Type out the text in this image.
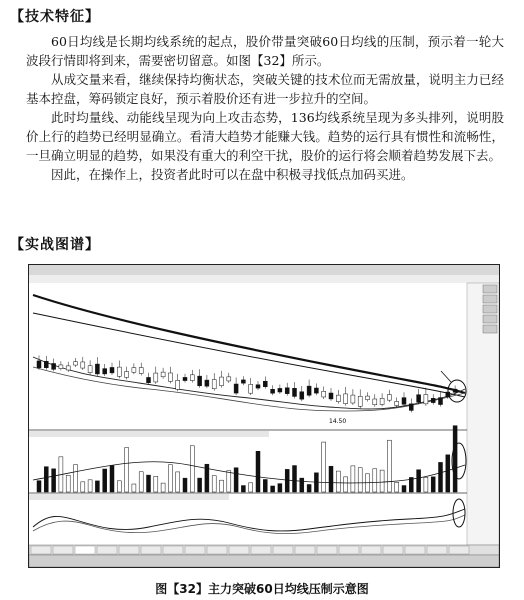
【技术特征】

60日均线是长期均线系统的起点，股价带量突破60日均线的压制，预示着一轮大波段行情即将到来，需要密切留意。如图【32】所示。

从成交量来看，继续保持均衡状态，突破关键的技术位而无需放量，说明主力已经基本控盘，筹码锁定良好，预示着股价还有进一步拉升的空间。

此时均量线、动能线呈现为向上攻击态势，136均线系统呈现为多头排列，说明股价上行的趋势已经明显确立。看清大趋势才能赚大钱。趋势的运行具有惯性和流畅性，一旦确立明显的趋势，如果没有重大的利空干扰，股价的运行将会顺着趋势发展下去。

因此，在操作上，投资者此时可以在盘中积极寻找低点加码买进。

【实战图谱】
14.50
图【32】主力突破60日均线压制示意图
